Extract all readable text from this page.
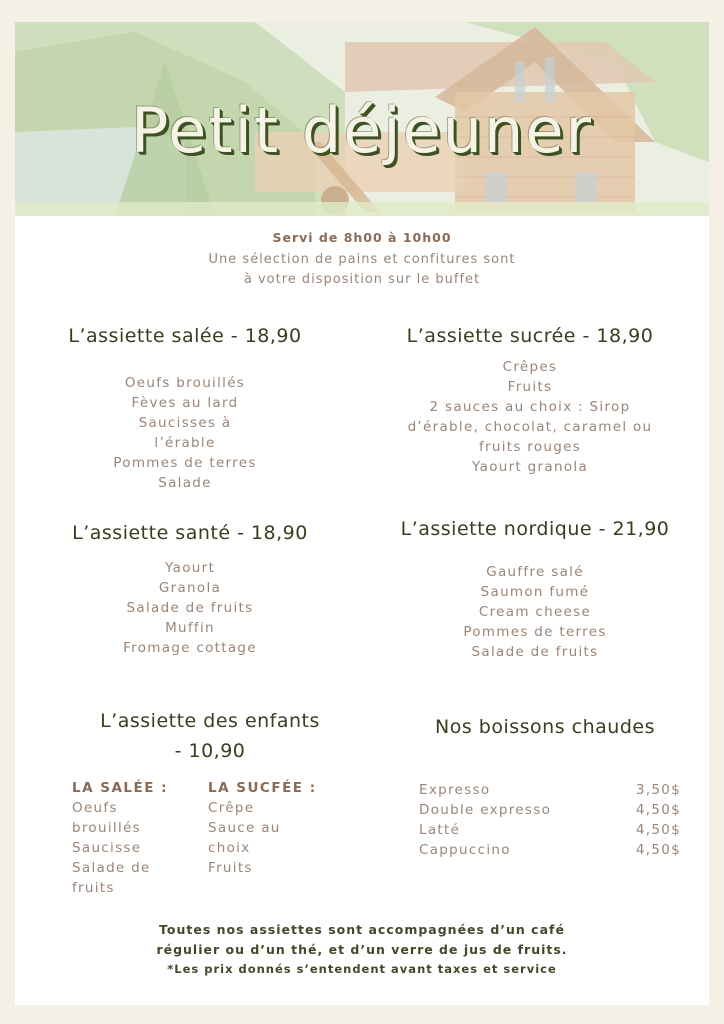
Petit déjeuner
Servi de 8h00 à 10h00
Une sélection de pains et confitures sont
à votre disposition sur le buffet
L’assiette salée - 18,90
Oeufs brouillés
Fèves au lard
Saucisses à
l’érable
Pommes de terres
Salade
L’assiette sucrée - 18,90
Crêpes
Fruits
2 sauces au choix : Sirop
d’érable, chocolat, caramel ou
fruits rouges
Yaourt granola
L’assiette santé - 18,90
Yaourt
Granola
Salade de fruits
Muffin
Fromage cottage
L’assiette nordique - 21,90
Gauffre salé
Saumon fumé
Cream cheese
Pommes de terres
Salade de fruits
L’assiette des enfants
- 10,90
LA SALÉE :
Oeufs
brouillés
Saucisse
Salade de
fruits
LA SUCFÉE :
Crêpe
Sauce au
choix
Fruits
Nos boissons chaudes
Expresso	3,50$
Double expresso	4,50$
Latté	4,50$
Cappuccino	4,50$
Toutes nos assiettes sont accompagnées d’un café
régulier ou d’un thé, et d’un verre de jus de fruits.
*Les prix donnés s’entendent avant taxes et service
